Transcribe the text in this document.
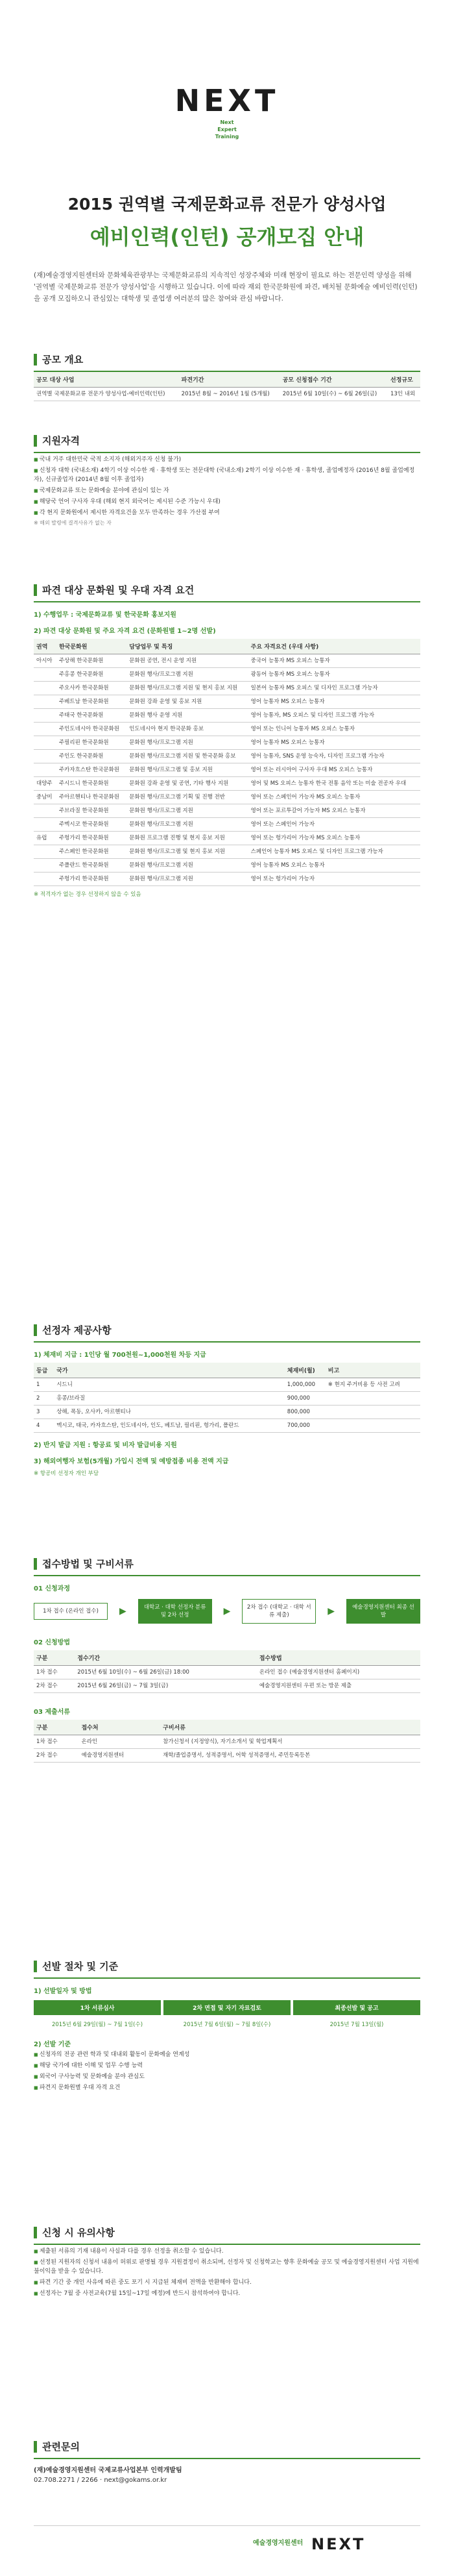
NEXT
Next
Expert
Training
2015 권역별 국제문화교류 전문가 양성사업
예비인력(인턴) 공개모집 안내
(재)예술경영지원센터와 문화체육관광부는 국제문화교류의 지속적인 성장주체와 미래 현장이 필요로 하는 전문인력 양성을 위해 '권역별 국제문화교류 전문가 양성사업'을 시행하고 있습니다. 이에 따라 재외 한국문화원에 파견, 배치될 문화예술 예비인력(인턴)을 공개 모집하오니 관심있는 대학생 및 졸업생 여러분의 많은 참여와 관심 바랍니다.
공모 개요
공모 대상 사업	파견기간	공모 신청접수 기간	선정규모
권역별 국제문화교류 전문가 양성사업-예비인력(인턴)	2015년 8월 ~ 2016년 1월 (5개월)	2015년 6월 10일(수) ~ 6월 26일(금)	13인 내외
지원자격
■ 국내 거주 대한민국 국적 소지자 (해외거주자 신청 불가)
■ 신청자 대학 (국내소재) 4학기 이상 이수한 재 · 휴학생 또는 전문대학 (국내소재) 2학기 이상 이수한 재 · 휴학생, 졸업예정자 (2016년 8월 졸업예정자), 신규졸업자 (2014년 8월 이후 졸업자)
■ 국제문화교류 또는 문화예술 분야에 관심이 있는 자
■ 해당국 언어 구사자 우대 (해외 현지 외국어는 제시된 수준 가능시 우대)
■ 각 현지 문화원에서 제시한 자격요건을 모두 만족하는 경우 가산점 부여
※ 해외 발령에 결격사유가 없는 자
파견 대상 문화원 및 우대 자격 요건
1) 수행업무 : 국제문화교류 및 한국문화 홍보지원
2) 파견 대상 문화원 및 주요 자격 요건 (문화원별 1~2명 선발)
권역	한국문화원	담당업무 및 특징	주요 자격요건 (우대 사항)
아시아	주상해 한국문화원	문화원 공연, 전시 운영 지원	중국어 능통자 MS 오피스 능통자
	주홍콩 한국문화원	문화원 행사/프로그램 지원	광동어 능통자 MS 오피스 능통자
	주오사카 한국문화원	문화원 행사/프로그램 지원 및 현지 홍보 지원	일본어 능통자 MS 오피스 및 디자인 프로그램 가능자
	주베트남 한국문화원	문화원 강좌 운영 및 홍보 지원	영어 능통자 MS 오피스 능통자
	주태국 한국문화원	문화원 행사 운영 지원	영어 능통자, MS 오피스 및 디자인 프로그램 가능자
	주인도네시아 한국문화원	인도네시아 현지 한국문화 홍보	영어 또는 인니어 능통자 MS 오피스 능통자
	주필리핀 한국문화원	문화원 행사/프로그램 지원	영어 능통자 MS 오피스 능통자
	주인도 한국문화원	문화원 행사/프로그램 지원 및 한국문화 홍보	영어 능통자, SNS 운영 능숙자, 디자인 프로그램 가능자
	주카자흐스탄 한국문화원	문화원 행사/프로그램 및 홍보 지원	영어 또는 러시아어 구사자 우대 MS 오피스 능통자
대양주	주시드니 한국문화원	문화원 강좌 운영 및 공연, 기타 행사 지원	영어 및 MS 오피스 능통자 한국 전통 음악 또는 미술 전공자 우대
중남미	주아르헨티나 한국문화원	문화원 행사/프로그램 기획 및 진행 전반	영어 또는 스페인어 가능자 MS 오피스 능통자
	주브라질 한국문화원	문화원 행사/프로그램 지원	영어 또는 포르투갈어 가능자 MS 오피스 능통자
	주멕시코 한국문화원	문화원 행사/프로그램 지원	영어 또는 스페인어 가능자
유럽	주헝가리 한국문화원	문화원 프로그램 진행 및 현지 홍보 지원	영어 또는 헝가리어 가능자 MS 오피스 능통자
	주스페인 한국문화원	문화원 행사/프로그램 및 현지 홍보 지원	스페인어 능통자 MS 오피스 및 디자인 프로그램 가능자
	주폴란드 한국문화원	문화원 행사/프로그램 지원	영어 능통자 MS 오피스 능통자
	주헝가리 한국문화원	문화원 행사/프로그램 지원	영어 또는 헝가리어 가능자
※ 적격자가 없는 경우 선정하지 않을 수 있음
선정자 제공사항
1) 체재비 지급 : 1인당 월 700천원~1,000천원 차등 지급
등급	국가	체재비(월)	비고
1	시드니	1,000,000	※ 현지 주거비용 등 사전 고려
2	홍콩/브라질	900,000	
3	상해, 폭동, 오사카, 아르헨티나	800,000	
4	멕시코, 태국, 카자흐스탄, 인도네시아, 인도, 베트남, 필리핀, 헝가리, 폴란드	700,000	
2) 반지 발급 지원 : 항공료 및 비자 발급비용 지원
3) 해외여행자 보험(5개월) 가입시 전액 및 예방접종 비용 전액 지급
※ 항공비 선정자 개인 부담
접수방법 및 구비서류
01 신청과정
1차 접수 (온라인 접수)	▶	대학교 · 대학 선정자 분류 및 2차 선정	▶	2차 접수 (대학교 · 대학 서류 제출)	▶	예술경영지원센터 최종 선발
02 신청방법
구분	접수기간	접수방법
1차 접수	2015년 6월 10일(수) ~ 6월 26일(금) 18:00	온라인 접수 (예술경영지원센터 홈페이지)
2차 접수	2015년 6월 26일(금) ~ 7월 3일(금)	예술경영지원센터 우편 또는 방문 제출
03 제출서류
구분	접수처	구비서류
1차 접수	온라인	참가신청서 (지정양식), 자기소개서 및 학업계획서
2차 접수	예술경영지원센터	재학/졸업증명서, 성적증명서, 어학 성적증명서, 주민등록등본
선발 절차 및 기준
1) 선발일자 및 방법
1차 서류심사	2차 면접 및 자기 자료검토	최종선발 및 공고
2015년 6월 29일(월) ~ 7월 1일(수)	2015년 7월 6일(월) ~ 7월 8일(수)	2015년 7월 13일(월)
2) 선발 기준
■ 신청자의 전공 관련 학과 및 대내외 활동이 문화예술 연계성
■ 해당 국가에 대한 이해 및 업무 수행 능력
■ 외국어 구사능력 및 문화예술 분야 관심도
■ 파견지 문화원별 우대 자격 요건
신청 시 유의사항
■ 제출된 서류의 기재 내용이 사실과 다를 경우 선정을 취소할 수 있습니다.
■ 선정된 지원자의 신청서 내용이 허위로 판명될 경우 지원결정이 취소되며, 선정자 및 신청학교는 향후 문화예술 공모 및 예술경영지원센터 사업 지원에 불이익을 받을 수 있습니다.
■ 파견 기간 중 개인 사유에 따른 중도 포기 시 지급된 체재비 전액을 반환해야 합니다.
■ 선정자는 7월 중 사전교육(7월 15일~17일 예정)에 반드시 참석하여야 합니다.
관련문의
(재)예술경영지원센터 국제교류사업본부 인력개발팀
02.708.2271 / 2266 · next@gokams.or.kr
예술경영지원센터 NEXT
